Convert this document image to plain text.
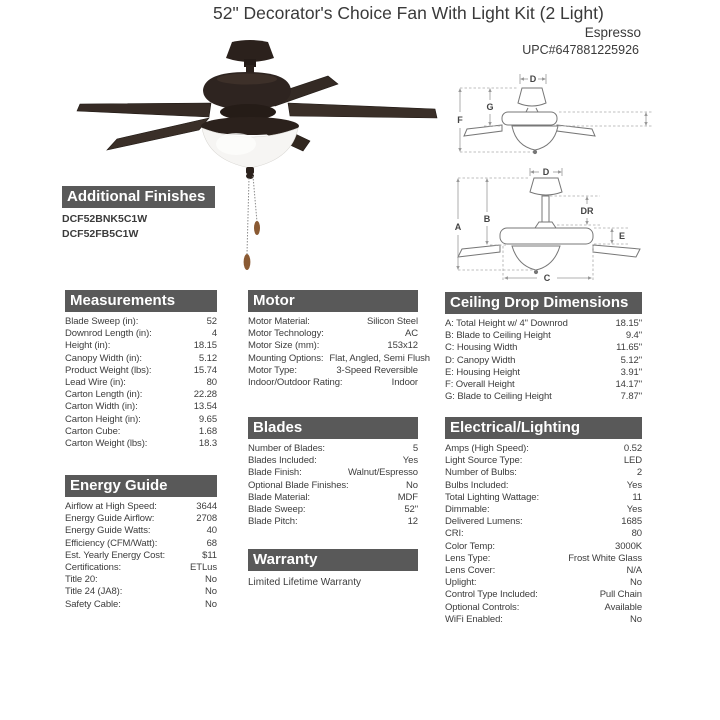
52" Decorator's Choice Fan With Light Kit (2 Light)
Espresso
UPC#647881225926
D
F
G
D
A
B
DR
E
C
Additional Finishes
DCF52BNK5C1W
DCF52FB5C1W
Measurements
Blade Sweep (in):	52
Downrod Length (in):	4
Height (in):	18.15
Canopy Width (in):	5.12
Product Weight (lbs):	15.74
Lead Wire (in):	80
Carton Length (in):	22.28
Carton Width (in):	13.54
Carton Height (in):	9.65
Carton Cube:	1.68
Carton Weight (lbs):	18.3
Energy Guide
Airflow at High Speed:	3644
Energy Guide Airflow:	2708
Energy Guide Watts:	40
Efficiency (CFM/Watt):	68
Est. Yearly Energy Cost:	$11
Certifications:	ETLus
Title 20:	No
Title 24 (JA8):	No
Safety Cable:	No
Motor
Motor Material:	Silicon Steel
Motor Technology:	AC
Motor Size (mm):	153x12
Mounting Options: Flat, Angled, Semi Flush
Motor Type:	3-Speed Reversible
Indoor/Outdoor Rating:	Indoor
Blades
Number of Blades:	5
Blades Included:	Yes
Blade Finish:	Walnut/Espresso
Optional Blade Finishes:	No
Blade Material:	MDF
Blade Sweep:	52"
Blade Pitch:	12
Warranty
Limited Lifetime Warranty
Ceiling Drop Dimensions
A: Total Height w/ 4" Downrod	18.15"
B: Blade to Ceiling Height	9.4"
C: Housing Width	11.65"
D: Canopy Width	5.12"
E: Housing Height	3.91"
F: Overall Height	14.17"
G: Blade to Ceiling Height	7.87"
Electrical/Lighting
Amps (High Speed):	0.52
Light Source Type:	LED
Number of Bulbs:	2
Bulbs Included:	Yes
Total Lighting Wattage:	11
Dimmable:	Yes
Delivered Lumens:	1685
CRI:	80
Color Temp:	3000K
Lens Type:	Frost White Glass
Lens Cover:	N/A
Uplight:	No
Control Type Included:	Pull Chain
Optional Controls:	Available
WiFi Enabled:	No
